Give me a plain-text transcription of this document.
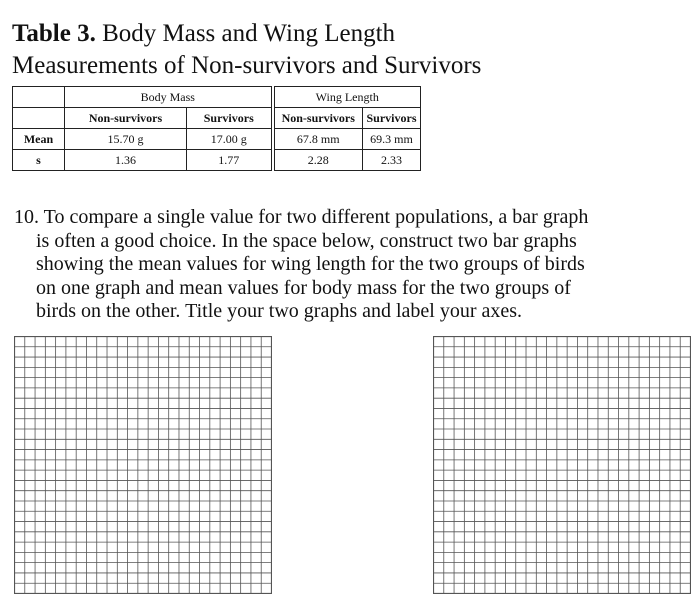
Table 3. Body Mass and Wing Length
Measurements of Non-survivors and Survivors
	Body Mass		Wing Length	
	Non-survivors	Survivors	Non-survivors	Survivors
Mean	15.70 g	17.00 g	67.8 mm	69.3 mm
s	1.36	1.77	2.28	2.33
10. To compare a single value for two different populations, a bar graph
is often a good choice. In the space below, construct two bar graphs
showing the mean values for wing length for the two groups of birds
on one graph and mean values for body mass for the two groups of
birds on the other. Title your two graphs and label your axes.
